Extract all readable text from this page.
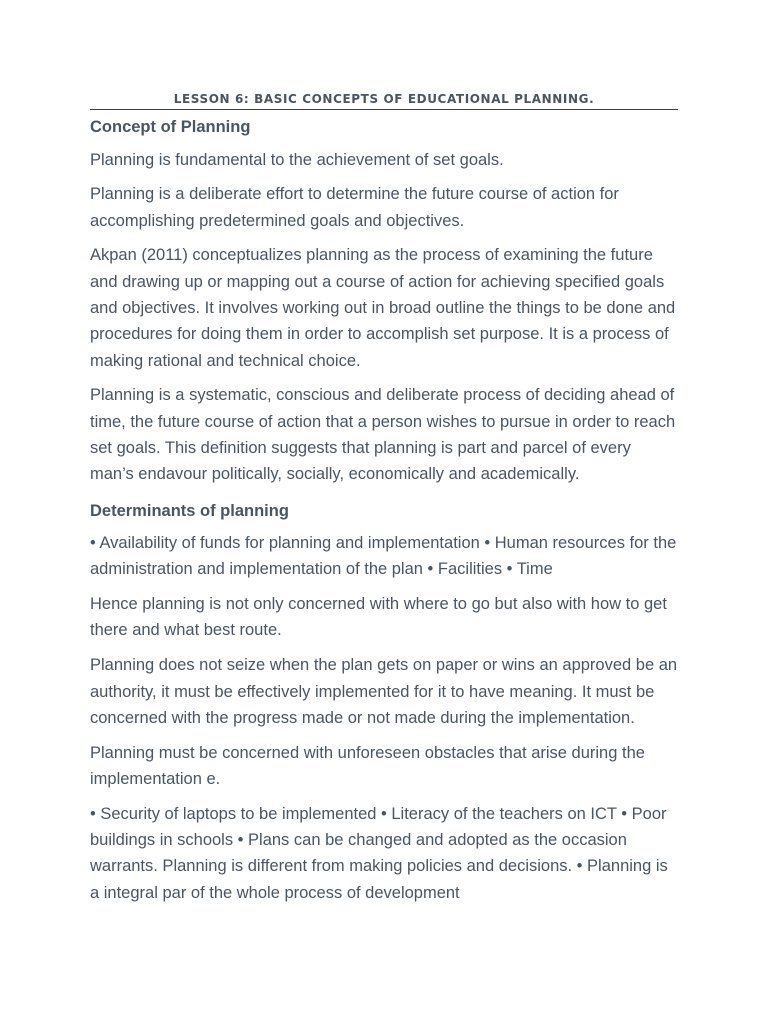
LESSON 6: BASIC CONCEPTS OF EDUCATIONAL PLANNING.
Concept of Planning

Planning is fundamental to the achievement of set goals.

Planning is a deliberate effort to determine the future course of action for accomplishing predetermined goals and objectives.

Akpan (2011) conceptualizes planning as the process of examining the future and drawing up or mapping out a course of action for achieving specified goals and objectives. It involves working out in broad outline the things to be done and procedures for doing them in order to accomplish set purpose. It is a process of making rational and technical choice.

Planning is a systematic, conscious and deliberate process of deciding ahead of time, the future course of action that a person wishes to pursue in order to reach set goals. This definition suggests that planning is part and parcel of every man’s endavour politically, socially, economically and academically.

Determinants of planning

• Availability of funds for planning and implementation • Human resources for the administration and implementation of the plan • Facilities • Time

Hence planning is not only concerned with where to go but also with how to get there and what best route.

Planning does not seize when the plan gets on paper or wins an approved be an authority, it must be effectively implemented for it to have meaning. It must be concerned with the progress made or not made during the implementation.

Planning must be concerned with unforeseen obstacles that arise during the implementation e.

• Security of laptops to be implemented • Literacy of the teachers on ICT • Poor buildings in schools • Plans can be changed and adopted as the occasion warrants. Planning is different from making policies and decisions. • Planning is a integral par of the whole process of development
